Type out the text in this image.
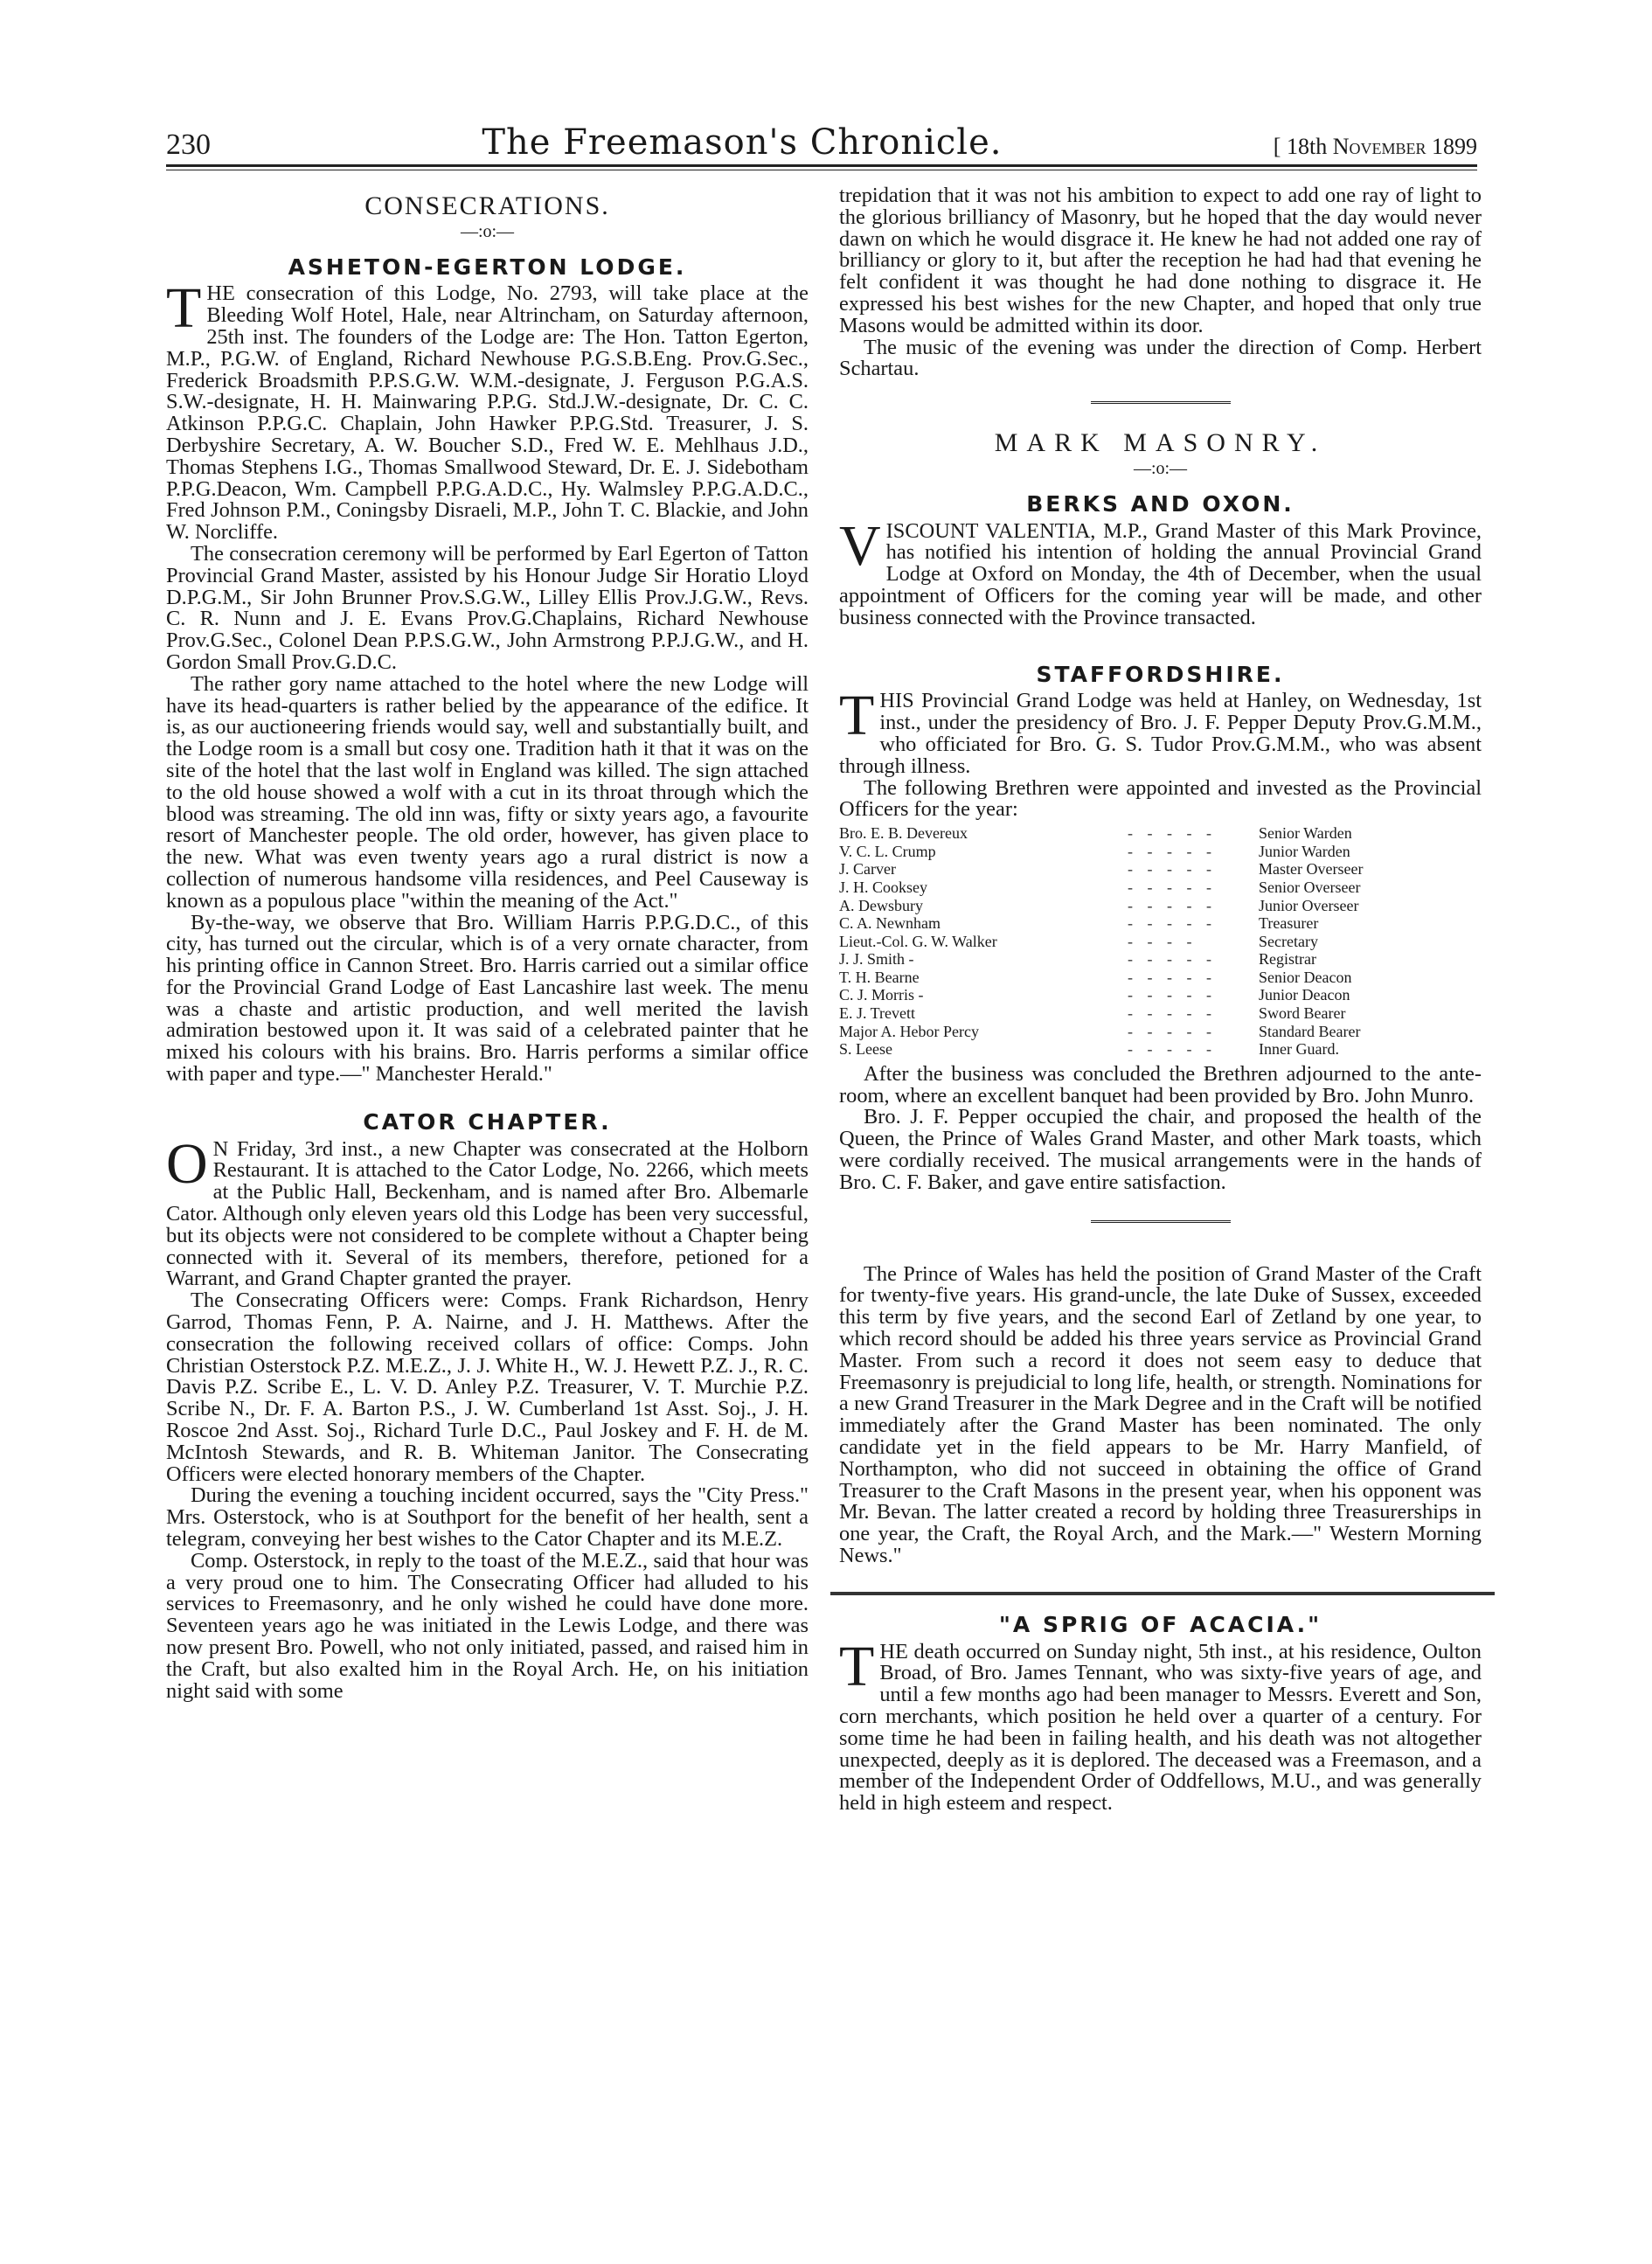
230	The Freemason's Chronicle.	[ 18th November 1899
CONSECRATIONS.
—:o:—
ASHETON-EGERTON LODGE.

THE consecration of this Lodge, No. 2793, will take place at the Bleeding Wolf Hotel, Hale, near Altrincham, on Saturday afternoon, 25th inst. The founders of the Lodge are: The Hon. Tatton Egerton, M.P., P.G.W. of England, Richard Newhouse P.G.S.B.Eng. Prov.G.Sec., Frederick Broadsmith P.P.S.G.W. W.M.-designate, J. Ferguson P.G.A.S. S.W.-designate, H. H. Mainwaring P.P.G. Std.J.W.-designate, Dr. C. C. Atkinson P.P.G.C. Chaplain, John Hawker P.P.G.Std. Treasurer, J. S. Derbyshire Secretary, A. W. Boucher S.D., Fred W. E. Mehlhaus J.D., Thomas Stephens I.G., Thomas Smallwood Steward, Dr. E. J. Sidebotham P.P.G.Deacon, Wm. Campbell P.P.G.A.D.C., Hy. Walmsley P.P.G.A.D.C., Fred Johnson P.M., Coningsby Disraeli, M.P., John T. C. Blackie, and John W. Norcliffe.

The consecration ceremony will be performed by Earl Egerton of Tatton Provincial Grand Master, assisted by his Honour Judge Sir Horatio Lloyd D.P.G.M., Sir John Brunner Prov.S.G.W., Lilley Ellis Prov.J.G.W., Revs. C. R. Nunn and J. E. Evans Prov.G.Chaplains, Richard Newhouse Prov.G.Sec., Colonel Dean P.P.S.G.W., John Armstrong P.P.J.G.W., and H. Gordon Small Prov.G.D.C.

The rather gory name attached to the hotel where the new Lodge will have its head-quarters is rather belied by the appearance of the edifice. It is, as our auctioneering friends would say, well and substantially built, and the Lodge room is a small but cosy one. Tradition hath it that it was on the site of the hotel that the last wolf in England was killed. The sign attached to the old house showed a wolf with a cut in its throat through which the blood was streaming. The old inn was, fifty or sixty years ago, a favourite resort of Manchester people. The old order, however, has given place to the new. What was even twenty years ago a rural district is now a collection of numerous handsome villa residences, and Peel Causeway is known as a populous place "within the meaning of the Act."

By-the-way, we observe that Bro. William Harris P.P.G.D.C., of this city, has turned out the circular, which is of a very ornate character, from his printing office in Cannon Street. Bro. Harris carried out a similar office for the Provincial Grand Lodge of East Lancashire last week. The menu was a chaste and artistic production, and well merited the lavish admiration bestowed upon it. It was said of a celebrated painter that he mixed his colours with his brains. Bro. Harris performs a similar office with paper and type.—" Manchester Herald."

CATOR CHAPTER.

O N Friday, 3rd inst., a new Chapter was consecrated at the Holborn Restaurant. It is attached to the Cator Lodge, No. 2266, which meets at the Public Hall, Beckenham, and is named after Bro. Albemarle Cator. Although only eleven years old this Lodge has been very successful, but its objects were not considered to be complete without a Chapter being connected with it. Several of its members, therefore, petioned for a Warrant, and Grand Chapter granted the prayer.

The Consecrating Officers were: Comps. Frank Richardson, Henry Garrod, Thomas Fenn, P. A. Nairne, and J. H. Matthews. After the consecration the following received collars of office: Comps. John Christian Osterstock P.Z. M.E.Z., J. J. White H., W. J. Hewett P.Z. J., R. C. Davis P.Z. Scribe E., L. V. D. Anley P.Z. Treasurer, V. T. Murchie P.Z. Scribe N., Dr. F. A. Barton P.S., J. W. Cumberland 1st Asst. Soj., J. H. Roscoe 2nd Asst. Soj., Richard Turle D.C., Paul Joskey and F. H. de M. McIntosh Stewards, and R. B. Whiteman Janitor. The Consecrating Officers were elected honorary members of the Chapter.

During the evening a touching incident occurred, says the "City Press." Mrs. Osterstock, who is at Southport for the benefit of her health, sent a telegram, conveying her best wishes to the Cator Chapter and its M.E.Z.

Comp. Osterstock, in reply to the toast of the M.E.Z., said that hour was a very proud one to him. The Consecrating Officer had alluded to his services to Freemasonry, and he only wished he could have done more. Seventeen years ago he was initiated in the Lewis Lodge, and there was now present Bro. Powell, who not only initiated, passed, and raised him in the Craft, but also exalted him in the Royal Arch. He, on his initiation night said with some

trepidation that it was not his ambition to expect to add one ray of light to the glorious brilliancy of Masonry, but he hoped that the day would never dawn on which he would disgrace it. He knew he had not added one ray of brilliancy or glory to it, but after the reception he had had that evening he felt confident it was thought he had done nothing to disgrace it. He expressed his best wishes for the new Chapter, and hoped that only true Masons would be admitted within its door.

The music of the evening was under the direction of Comp. Herbert Schartau.

MARK MASONRY.
—:o:—
BERKS AND OXON.

VISCOUNT VALENTIA, M.P., Grand Master of this Mark Province, has notified his intention of holding the annual Provincial Grand Lodge at Oxford on Monday, the 4th of December, when the usual appointment of Officers for the coming year will be made, and other business connected with the Province transacted.

STAFFORDSHIRE.

THIS Provincial Grand Lodge was held at Hanley, on Wednesday, 1st inst., under the presidency of Bro. J. F. Pepper Deputy Prov.G.M.M., who officiated for Bro. G. S. Tudor Prov.G.M.M., who was absent through illness.

The following Brethren were appointed and invested as the Provincial Officers for the year:

Bro. E. B. Devereux	- - - - -	Senior Warden
V. C. L. Crump	- - - - -	Junior Warden
J. Carver	- - - - -	Master Overseer
J. H. Cooksey	- - - - -	Senior Overseer
A. Dewsbury	- - - - -	Junior Overseer
C. A. Newnham	- - - - -	Treasurer
Lieut.-Col. G. W. Walker	- - - -	Secretary
J. J. Smith -	- - - - -	Registrar
T. H. Bearne	- - - - -	Senior Deacon
C. J. Morris -	- - - - -	Junior Deacon
E. J. Trevett	- - - - -	Sword Bearer
Major A. Hebor Percy	- - - - -	Standard Bearer
S. Leese	- - - - -	Inner Guard.

After the business was concluded the Brethren adjourned to the ante-room, where an excellent banquet had been provided by Bro. John Munro.

Bro. J. F. Pepper occupied the chair, and proposed the health of the Queen, the Prince of Wales Grand Master, and other Mark toasts, which were cordially received. The musical arrangements were in the hands of Bro. C. F. Baker, and gave entire satisfaction.

The Prince of Wales has held the position of Grand Master of the Craft for twenty-five years. His grand-uncle, the late Duke of Sussex, exceeded this term by five years, and the second Earl of Zetland by one year, to which record should be added his three years service as Provincial Grand Master. From such a record it does not seem easy to deduce that Freemasonry is prejudicial to long life, health, or strength. Nominations for a new Grand Treasurer in the Mark Degree and in the Craft will be notified immediately after the Grand Master has been nominated. The only candidate yet in the field appears to be Mr. Harry Manfield, of Northampton, who did not succeed in obtaining the office of Grand Treasurer to the Craft Masons in the present year, when his opponent was Mr. Bevan. The latter created a record by holding three Treasurerships in one year, the Craft, the Royal Arch, and the Mark.—" Western Morning News."

"A SPRIG OF ACACIA."

THE death occurred on Sunday night, 5th inst., at his residence, Oulton Broad, of Bro. James Tennant, who was sixty-five years of age, and until a few months ago had been manager to Messrs. Everett and Son, corn merchants, which position he held over a quarter of a century. For some time he had been in failing health, and his death was not altogether unexpected, deeply as it is deplored. The deceased was a Freemason, and a member of the Independent Order of Oddfellows, M.U., and was generally held in high esteem and respect.
